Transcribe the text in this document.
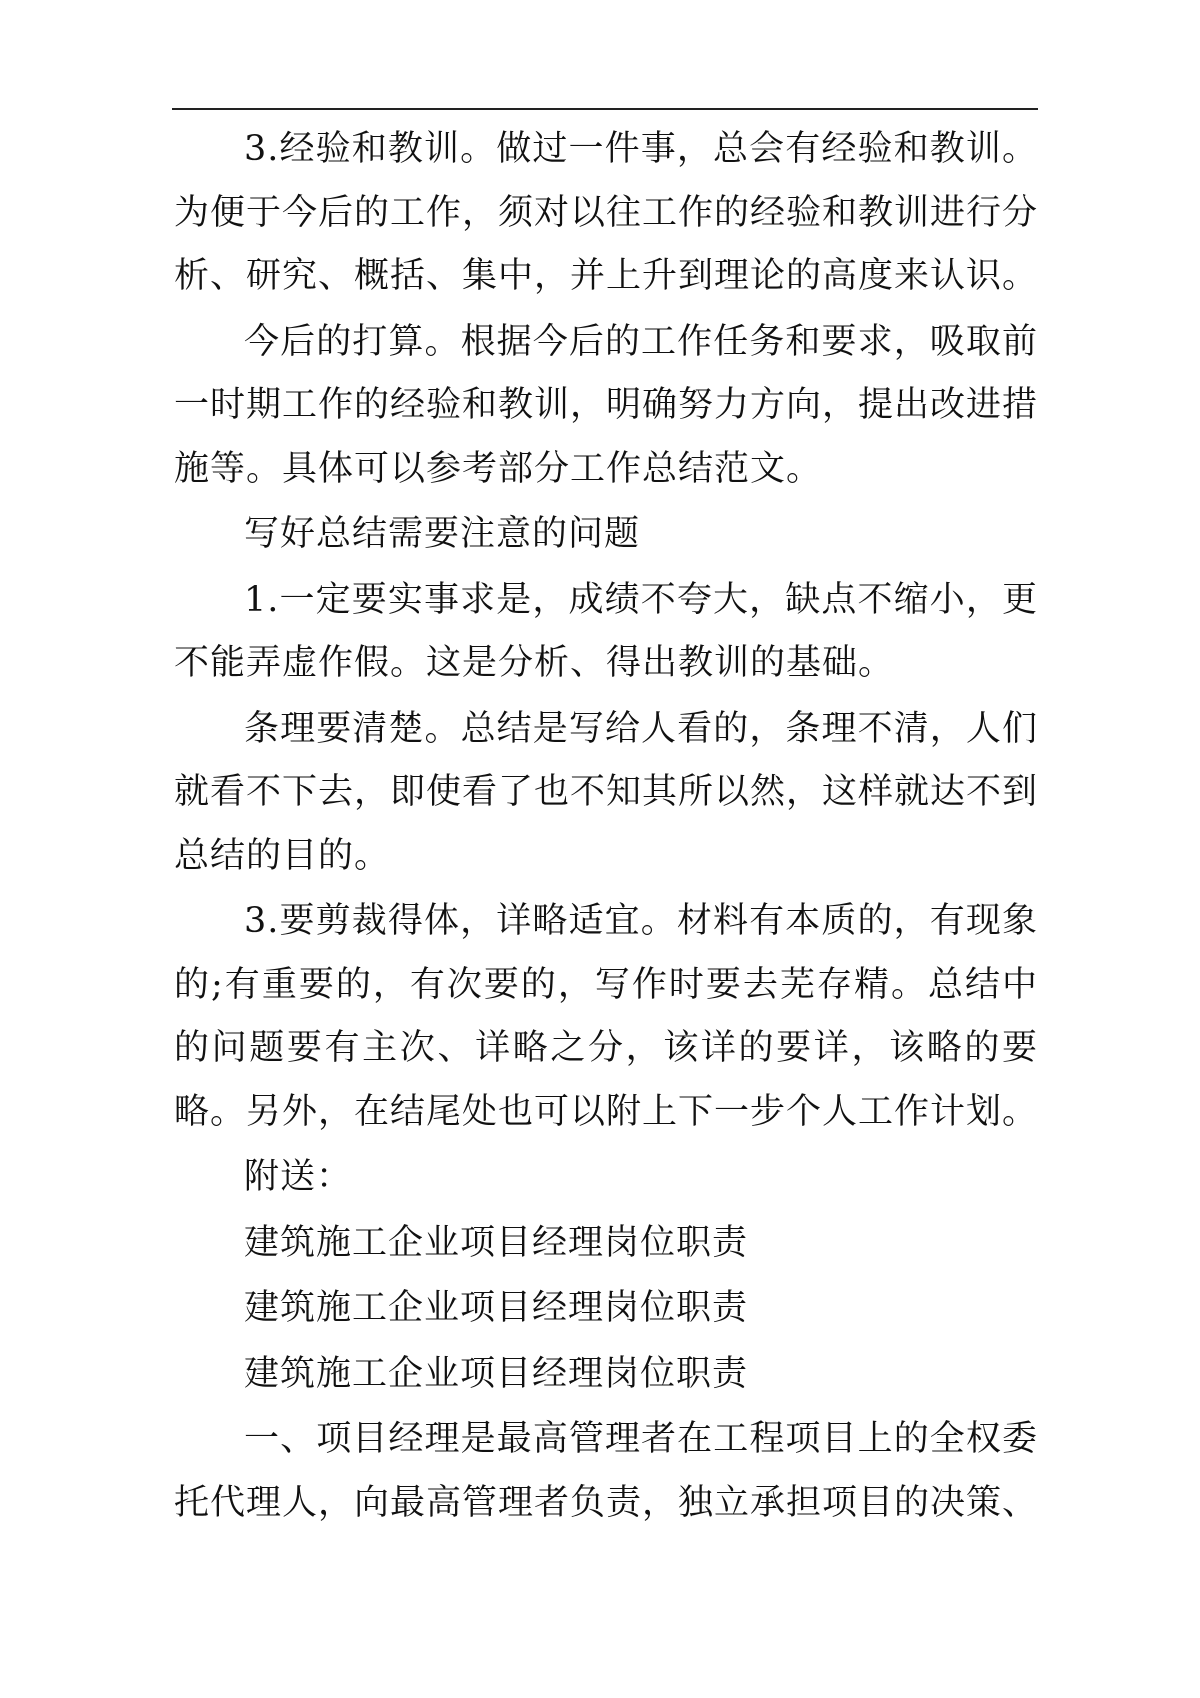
3.经验和教训。做过一件事，总会有经验和教训。为便于今后的工作，须对以往工作的经验和教训进行分析、研究、概括、集中，并上升到理论的高度来认识。

今后的打算。根据今后的工作任务和要求，吸取前一时期工作的经验和教训，明确努力方向，提出改进措施等。具体可以参考部分工作总结范文。

写好总结需要注意的问题

1.一定要实事求是，成绩不夸大，缺点不缩小，更不能弄虚作假。这是分析、得出教训的基础。

条理要清楚。总结是写给人看的，条理不清，人们就看不下去，即使看了也不知其所以然，这样就达不到总结的目的。

3.要剪裁得体，详略适宜。材料有本质的，有现象的;有重要的，有次要的，写作时要去芜存精。总结中的问题要有主次、详略之分，该详的要详，该略的要略。另外，在结尾处也可以附上下一步个人工作计划。

附送：

建筑施工企业项目经理岗位职责

建筑施工企业项目经理岗位职责

建筑施工企业项目经理岗位职责

一、项目经理是最高管理者在工程项目上的全权委托代理人，向最高管理者负责，独立承担项目的决策、
